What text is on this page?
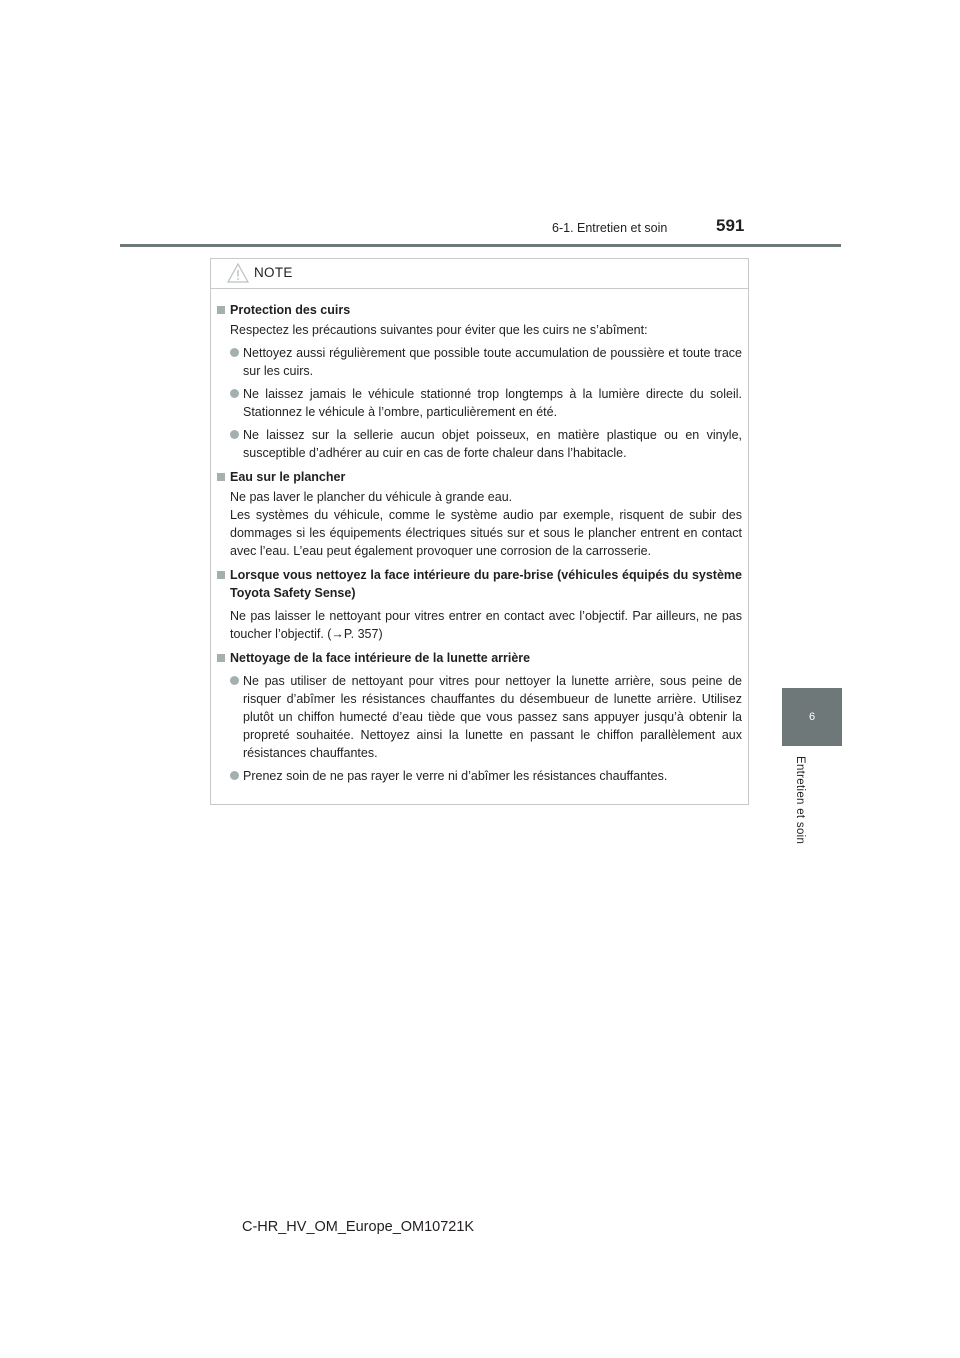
6-1. Entretien et soin	591
6
Entretien et soin
NOTE
Protection des cuirs
Respectez les précautions suivantes pour éviter que les cuirs ne s’abîment:
Nettoyez aussi régulièrement que possible toute accumulation de poussière et toute trace sur les cuirs.
Ne laissez jamais le véhicule stationné trop longtemps à la lumière directe du soleil. Stationnez le véhicule à l’ombre, particulièrement en été.
Ne laissez sur la sellerie aucun objet poisseux, en matière plastique ou en vinyle, susceptible d’adhérer au cuir en cas de forte chaleur dans l’habitacle.
Eau sur le plancher
Ne pas laver le plancher du véhicule à grande eau.
Les systèmes du véhicule, comme le système audio par exemple, risquent de subir des dommages si les équipements électriques situés sur et sous le plancher entrent en contact avec l’eau. L’eau peut également provoquer une corrosion de la carrosserie.
Lorsque vous nettoyez la face intérieure du pare-brise (véhicules équipés du système Toyota Safety Sense)
Ne pas laisser le nettoyant pour vitres entrer en contact avec l’objectif. Par ailleurs, ne pas toucher l’objectif. (→P. 357)
Nettoyage de la face intérieure de la lunette arrière
Ne pas utiliser de nettoyant pour vitres pour nettoyer la lunette arrière, sous peine de risquer d’abîmer les résistances chauffantes du désembueur de lunette arrière. Utilisez plutôt un chiffon humecté d’eau tiède que vous passez sans appuyer jusqu’à obtenir la propreté souhaitée. Nettoyez ainsi la lunette en passant le chiffon parallèlement aux résistances chauffantes.
Prenez soin de ne pas rayer le verre ni d’abîmer les résistances chauffantes.
C-HR_HV_OM_Europe_OM10721K
